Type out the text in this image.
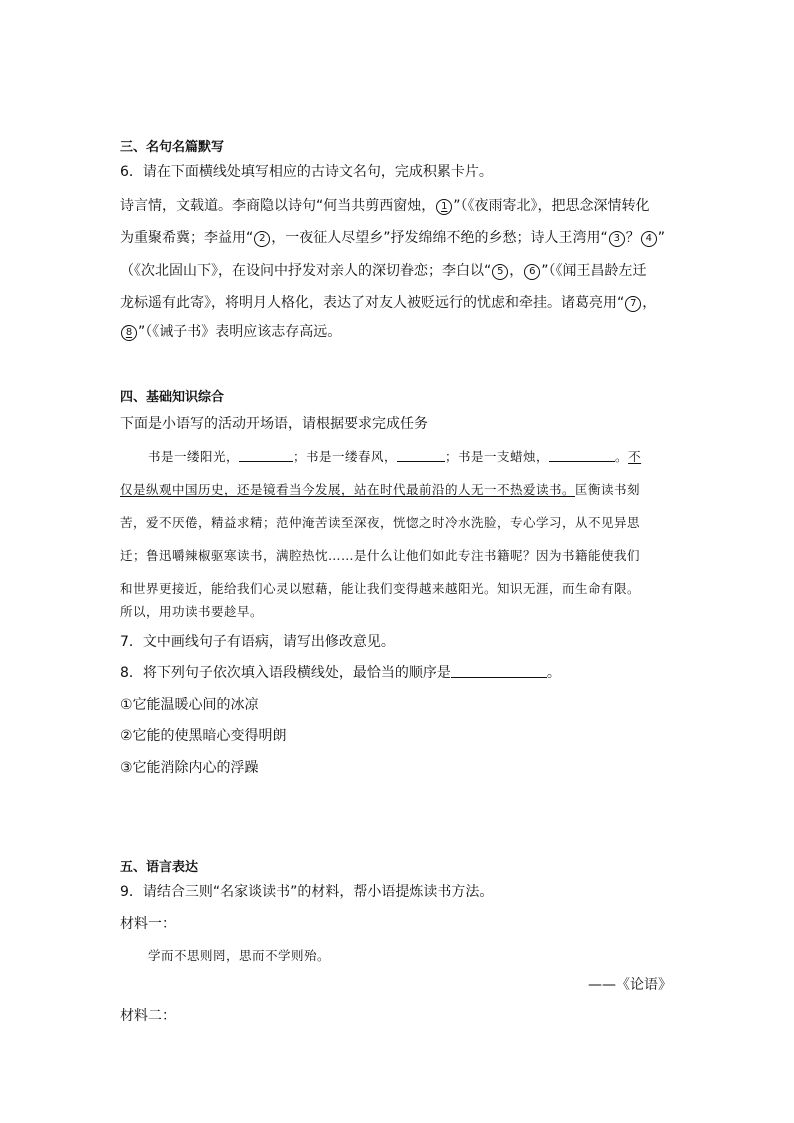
三、名句名篇默写
6．请在下面横线处填写相应的古诗文名句，完成积累卡片。
诗言情，文载道。李商隐以诗句“何当共剪西窗烛， 1 ”（《夜雨寄北》，把思念深情转化
为重聚希冀；李益用“ 2 ，一夜征人尽望乡”抒发绵绵不绝的乡愁；诗人王湾用“ 3 ？ 4 ”
（《次北固山下》，在设问中抒发对亲人的深切眷恋；李白以“ 5 ， 6 ”（《闻王昌龄左迁
龙标遥有此寄》，将明月人格化，表达了对友人被贬远行的忧虑和牵挂。诸葛亮用“ 7 ，
8 ”（《诫子书》表明应该志存高远。
四、基础知识综合
下面是小语写的活动开场语，请根据要求完成任务
书是一缕阳光，	；书是一缕春风，	；书是一支蜡烛，	。不
仅是纵观中国历史，还是镜看当今发展，站在时代最前沿的人无一不热爱读书。匡衡读书刻
苦，爱不厌倦，精益求精；范仲淹苦读至深夜，恍惚之时冷水洗脸，专心学习，从不见异思
迁；鲁迅嚼辣椒驱寒读书，满腔热忱……是什么让他们如此专注书籍呢？因为书籍能使我们
和世界更接近，能给我们心灵以慰藉，能让我们变得越来越阳光。知识无涯，而生命有限。
所以，用功读书要趁早。
7．文中画线句子有语病，请写出修改意见。
8．将下列句子依次填入语段横线处，最恰当的顺序是	。
①它能温暖心间的冰凉
②它能的使黑暗心变得明朗
③它能消除内心的浮躁
五、语言表达
9．请结合三则“名家谈读书”的材料，帮小语提炼读书方法。
材料一：
学而不思则罔，思而不学则殆。
——《论语》
材料二：
